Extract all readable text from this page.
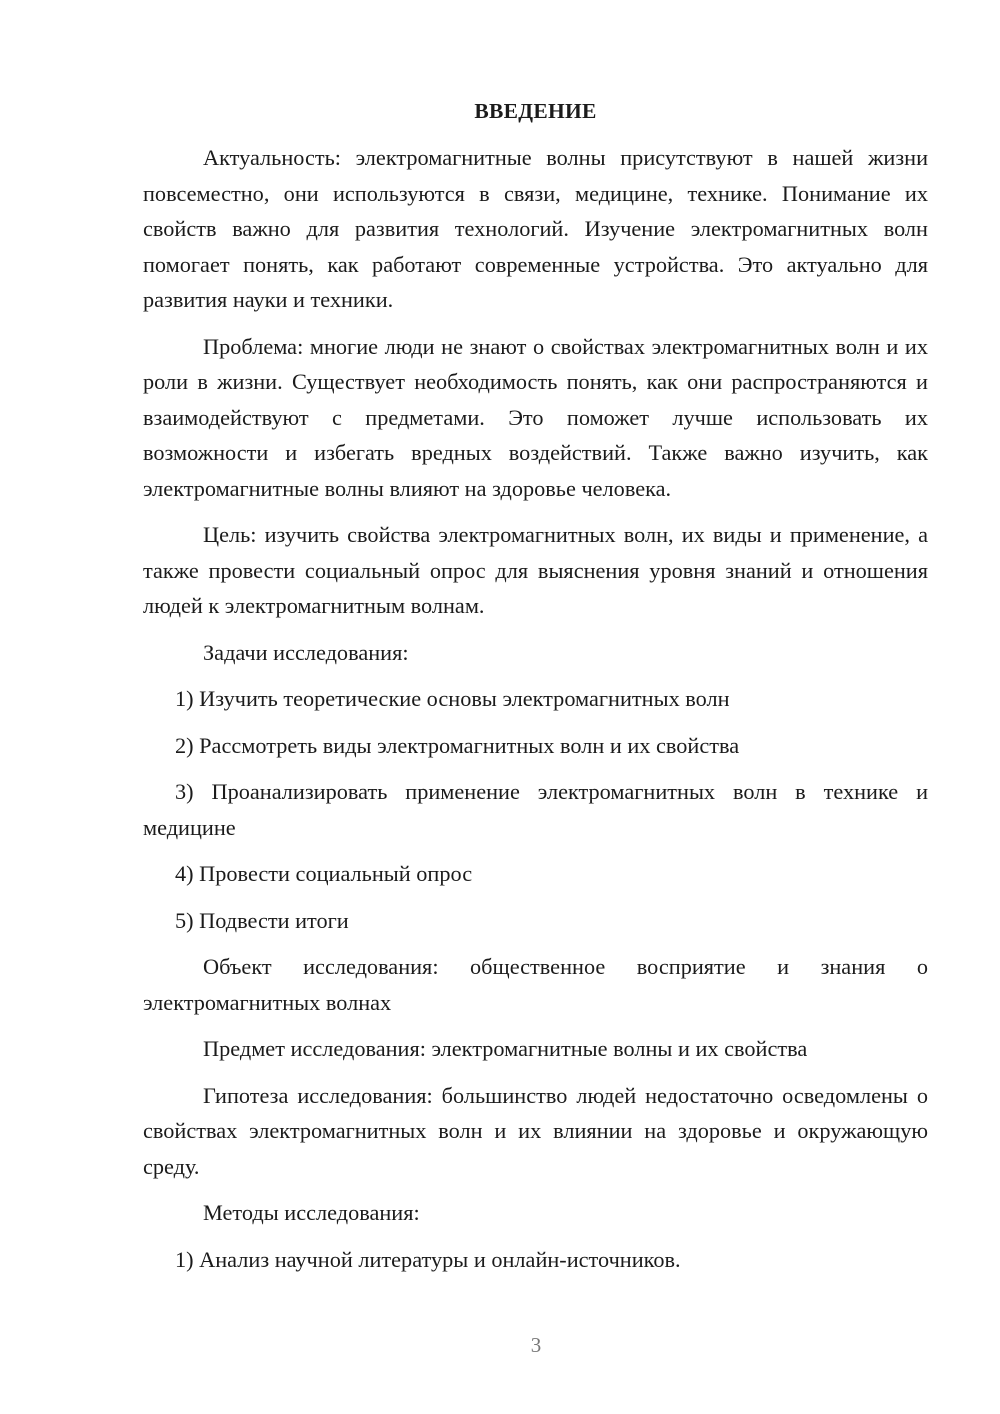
ВВЕДЕНИЕ

Актуальность: электромагнитные волны присутствуют в нашей жизни повсеместно, они используются в связи, медицине, технике. Понимание их свойств важно для развития технологий. Изучение электромагнитных волн помогает понять, как работают современные устройства. Это актуально для развития науки и техники.

Проблема: многие люди не знают о свойствах электромагнитных волн и их роли в жизни. Существует необходимость понять, как они распространяются и взаимодействуют с предметами. Это поможет лучше использовать их возможности и избегать вредных воздействий. Также важно изучить, как электромагнитные волны влияют на здоровье человека.

Цель: изучить свойства электромагнитных волн, их виды и применение, а также провести социальный опрос для выяснения уровня знаний и отношения людей к электромагнитным волнам.

Задачи исследования:

1) Изучить теоретические основы электромагнитных волн

2) Рассмотреть виды электромагнитных волн и их свойства

3) Проанализировать применение электромагнитных волн в технике и медицине

4) Провести социальный опрос

5) Подвести итоги

Объект исследования: общественное восприятие и знания о электромагнитных волнах

Предмет исследования: электромагнитные волны и их свойства

Гипотеза исследования: большинство людей недостаточно осведомлены о свойствах электромагнитных волн и их влиянии на здоровье и окружающую среду.

Методы исследования:

1) Анализ научной литературы и онлайн-источников.

3
